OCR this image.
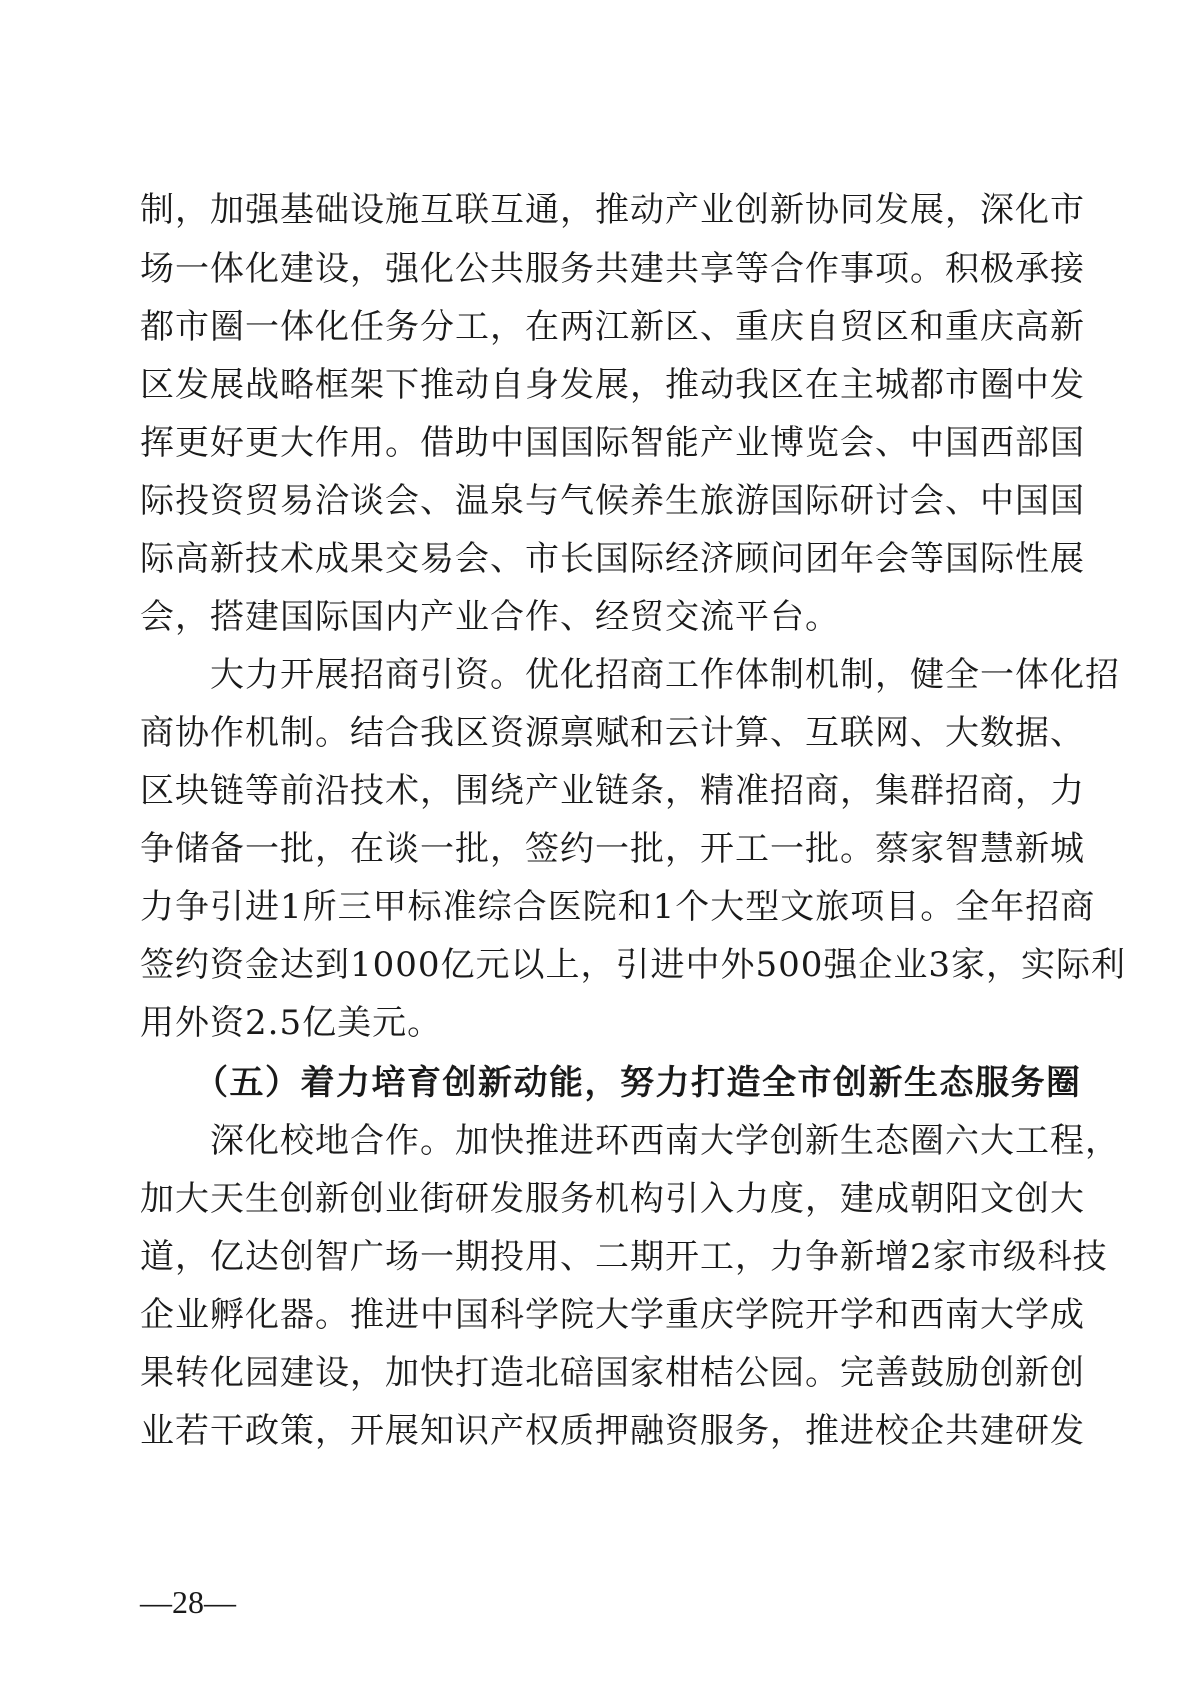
制，加强基础设施互联互通，推动产业创新协同发展，深化市
场一体化建设，强化公共服务共建共享等合作事项。积极承接
都市圈一体化任务分工，在两江新区、重庆自贸区和重庆高新
区发展战略框架下推动自身发展，推动我区在主城都市圈中发
挥更好更大作用。借助中国国际智能产业博览会、中国西部国
际投资贸易洽谈会、温泉与气候养生旅游国际研讨会、中国国
际高新技术成果交易会、市长国际经济顾问团年会等国际性展
会，搭建国际国内产业合作、经贸交流平台。
　　大力开展招商引资。优化招商工作体制机制，健全一体化招
商协作机制。结合我区资源禀赋和云计算、互联网、大数据、
区块链等前沿技术，围绕产业链条，精准招商，集群招商，力
争储备一批，在谈一批，签约一批，开工一批。蔡家智慧新城
力争引进1所三甲标准综合医院和1个大型文旅项目。全年招商
签约资金达到1000亿元以上，引进中外500强企业3家，实际利
用外资2.5亿美元。
　　（五）着力培育创新动能，努力打造全市创新生态服务圈
　　深化校地合作。加快推进环西南大学创新生态圈六大工程，
加大天生创新创业街研发服务机构引入力度，建成朝阳文创大
道，亿达创智广场一期投用、二期开工，力争新增2家市级科技
企业孵化器。推进中国科学院大学重庆学院开学和西南大学成
果转化园建设，加快打造北碚国家柑桔公园。完善鼓励创新创
业若干政策，开展知识产权质押融资服务，推进校企共建研发
—28—
